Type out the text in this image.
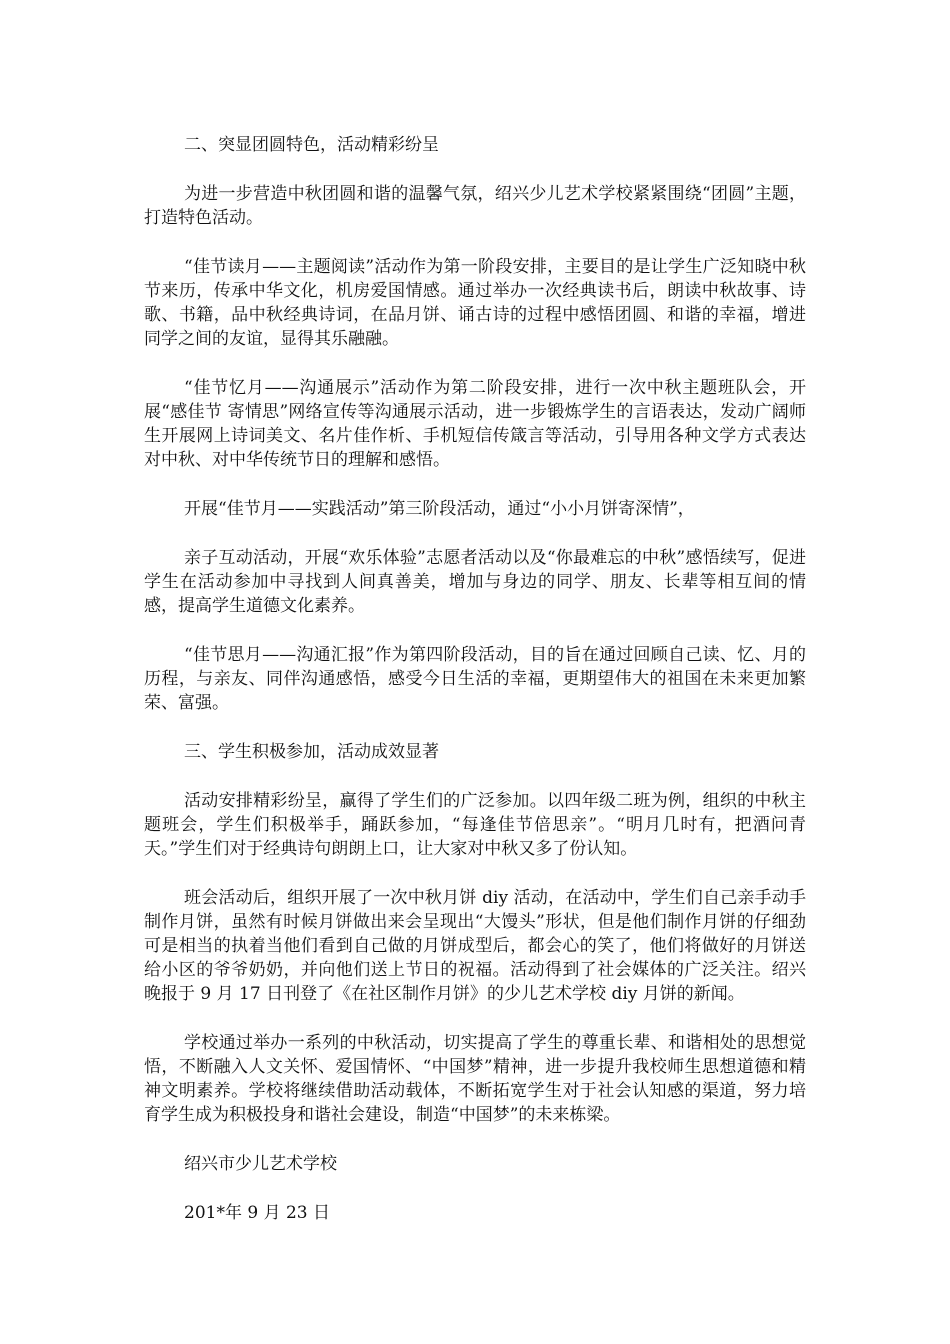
二、突显团圆特色，活动精彩纷呈

为进一步营造中秋团圆和谐的温馨气氛，绍兴少儿艺术学校紧紧围绕“团圆”主题，打造特色活动。

“佳节读月——主题阅读”活动作为第一阶段安排，主要目的是让学生广泛知晓中秋节来历，传承中华文化，机房爱国情感。通过举办一次经典读书后，朗读中秋故事、诗歌、书籍，品中秋经典诗词，在品月饼、诵古诗的过程中感悟团圆、和谐的幸福，增进同学之间的友谊，显得其乐融融。

“佳节忆月——沟通展示”活动作为第二阶段安排，进行一次中秋主题班队会，开展“感佳节 寄情思”网络宣传等沟通展示活动，进一步锻炼学生的言语表达，发动广阔师生开展网上诗词美文、名片佳作析、手机短信传箴言等活动，引导用各种文学方式表达对中秋、对中华传统节日的理解和感悟。

开展“佳节月——实践活动”第三阶段活动，通过“小小月饼寄深情”，

亲子互动活动，开展“欢乐体验”志愿者活动以及“你最难忘的中秋”感悟续写，促进学生在活动参加中寻找到人间真善美，增加与身边的同学、朋友、长辈等相互间的情感，提高学生道德文化素养。

“佳节思月——沟通汇报”作为第四阶段活动，目的旨在通过回顾自己读、忆、月的历程，与亲友、同伴沟通感悟，感受今日生活的幸福，更期望伟大的祖国在未来更加繁荣、富强。

三、学生积极参加，活动成效显著

活动安排精彩纷呈，赢得了学生们的广泛参加。以四年级二班为例，组织的中秋主题班会，学生们积极举手，踊跃参加，“每逢佳节倍思亲”。“明月几时有，把酒问青天。”学生们对于经典诗句朗朗上口，让大家对中秋又多了份认知。

班会活动后，组织开展了一次中秋月饼 diy 活动，在活动中，学生们自己亲手动手制作月饼，虽然有时候月饼做出来会呈现出“大馒头”形状，但是他们制作月饼的仔细劲可是相当的执着当他们看到自己做的月饼成型后，都会心的笑了，他们将做好的月饼送给小区的爷爷奶奶，并向他们送上节日的祝福。活动得到了社会媒体的广泛关注。绍兴晚报于 9 月 17 日刊登了《在社区制作月饼》的少儿艺术学校 diy 月饼的新闻。

学校通过举办一系列的中秋活动，切实提高了学生的尊重长辈、和谐相处的思想觉悟，不断融入人文关怀、爱国情怀、“中国梦”精神，进一步提升我校师生思想道德和精神文明素养。学校将继续借助活动载体，不断拓宽学生对于社会认知感的渠道，努力培育学生成为积极投身和谐社会建设，制造“中国梦”的未来栋梁。

绍兴市少儿艺术学校

201*年 9 月 23 日
